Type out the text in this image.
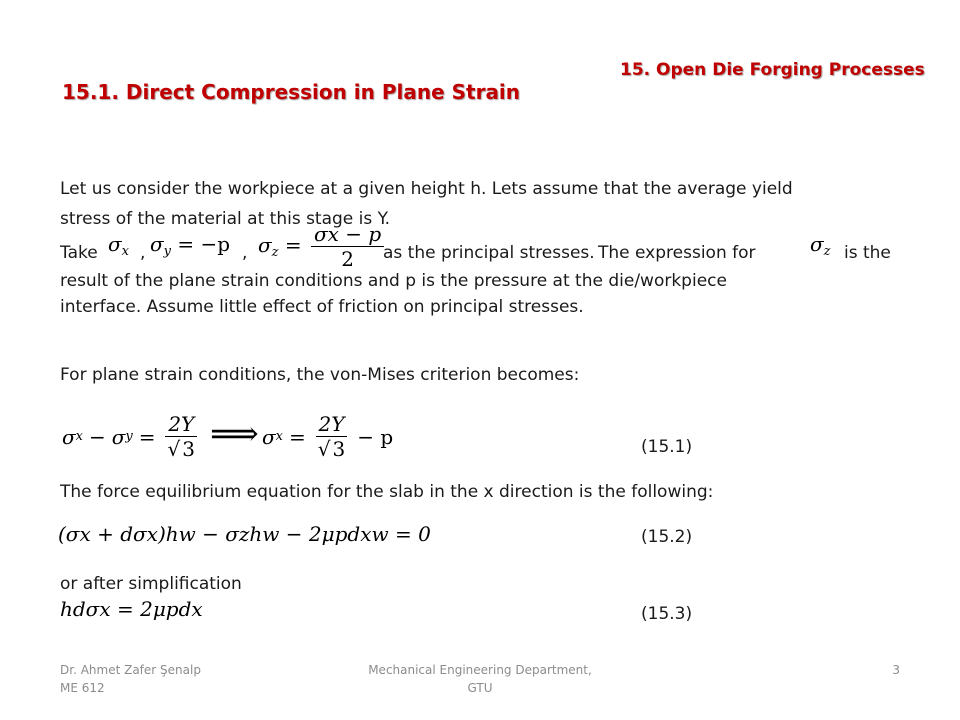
15. Open Die Forging Processes
15.1. Direct Compression in Plane Strain
Let us consider the workpiece at a given height h. Lets assume that the average yield
stress of the material at this stage is Y.
Take $\sigma_x$ , $\sigma_y = -p$ , $\sigma_z = \frac{\sigma x - p}{2}$
as the principal stresses. The expression for	$\sigma_z$ is the
result of the plane strain conditions and p is the pressure at the die/workpiece
interface. Assume little effect of friction on principal stresses.
For plane strain conditions, the von-Mises criterion becomes:
σ x − σ $y = \frac{2Y}{√ 3}$ ⟹ σ $x = \frac{2Y}{√ 3} - p$	(15.1)
The force equilibrium equation for the slab in the x direction is the following:
(σx + dσx)hw − σzhw − 2μpdxw = 0	(15.2)
or after simplification
hdσx = 2μpdx	(15.3)
Dr. Ahmet Zafer Şenalp
ME 612
Mechanical Engineering Department,
GTU
3
